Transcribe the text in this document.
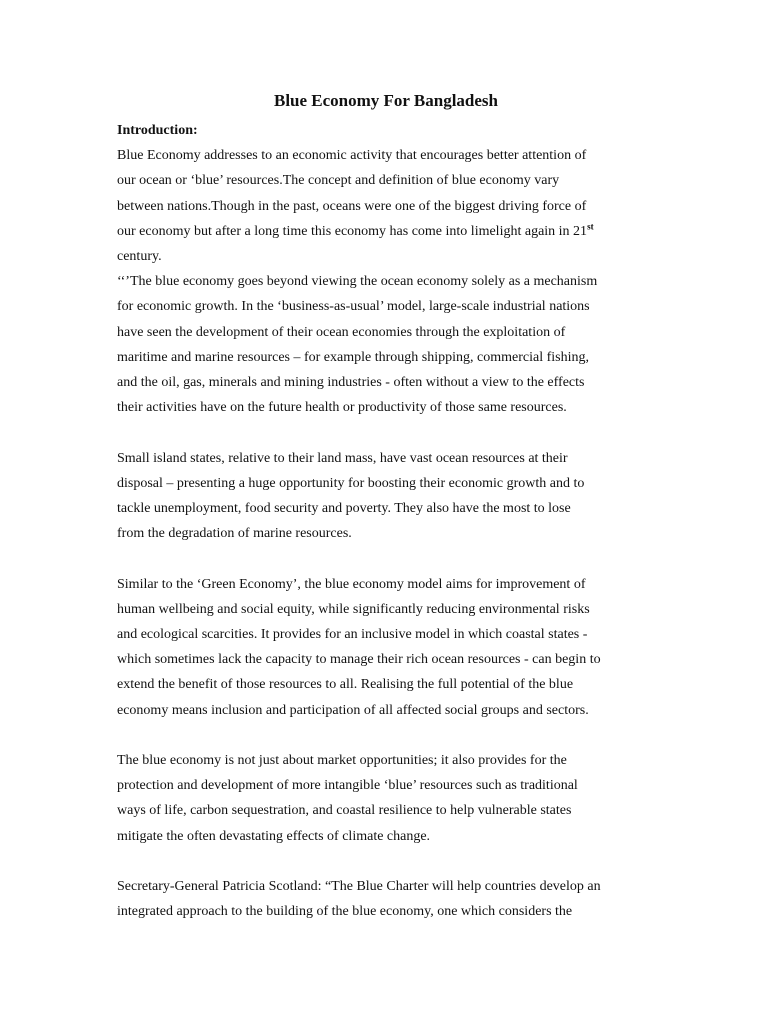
Blue Economy For Bangladesh

Introduction:

Blue Economy addresses to an economic activity that encourages better attention of
our ocean or ‘blue’ resources.The concept and definition of blue economy vary
between nations.Though in the past, oceans were one of the biggest driving force of
our economy but after a long time this economy has come into limelight again in 21st
century.

‘‘’The blue economy goes beyond viewing the ocean economy solely as a mechanism
for economic growth. In the ‘business-as-usual’ model, large-scale industrial nations
have seen the development of their ocean economies through the exploitation of
maritime and marine resources – for example through shipping, commercial fishing,
and the oil, gas, minerals and mining industries - often without a view to the effects
their activities have on the future health or productivity of those same resources.

Small island states, relative to their land mass, have vast ocean resources at their
disposal – presenting a huge opportunity for boosting their economic growth and to
tackle unemployment, food security and poverty. They also have the most to lose
from the degradation of marine resources.

Similar to the ‘Green Economy’, the blue economy model aims for improvement of
human wellbeing and social equity, while significantly reducing environmental risks
and ecological scarcities. It provides for an inclusive model in which coastal states -
which sometimes lack the capacity to manage their rich ocean resources - can begin to
extend the benefit of those resources to all. Realising the full potential of the blue
economy means inclusion and participation of all affected social groups and sectors.

The blue economy is not just about market opportunities; it also provides for the
protection and development of more intangible ‘blue’ resources such as traditional
ways of life, carbon sequestration, and coastal resilience to help vulnerable states
mitigate the often devastating effects of climate change.

Secretary-General Patricia Scotland: “The Blue Charter will help countries develop an
integrated approach to the building of the blue economy, one which considers the
